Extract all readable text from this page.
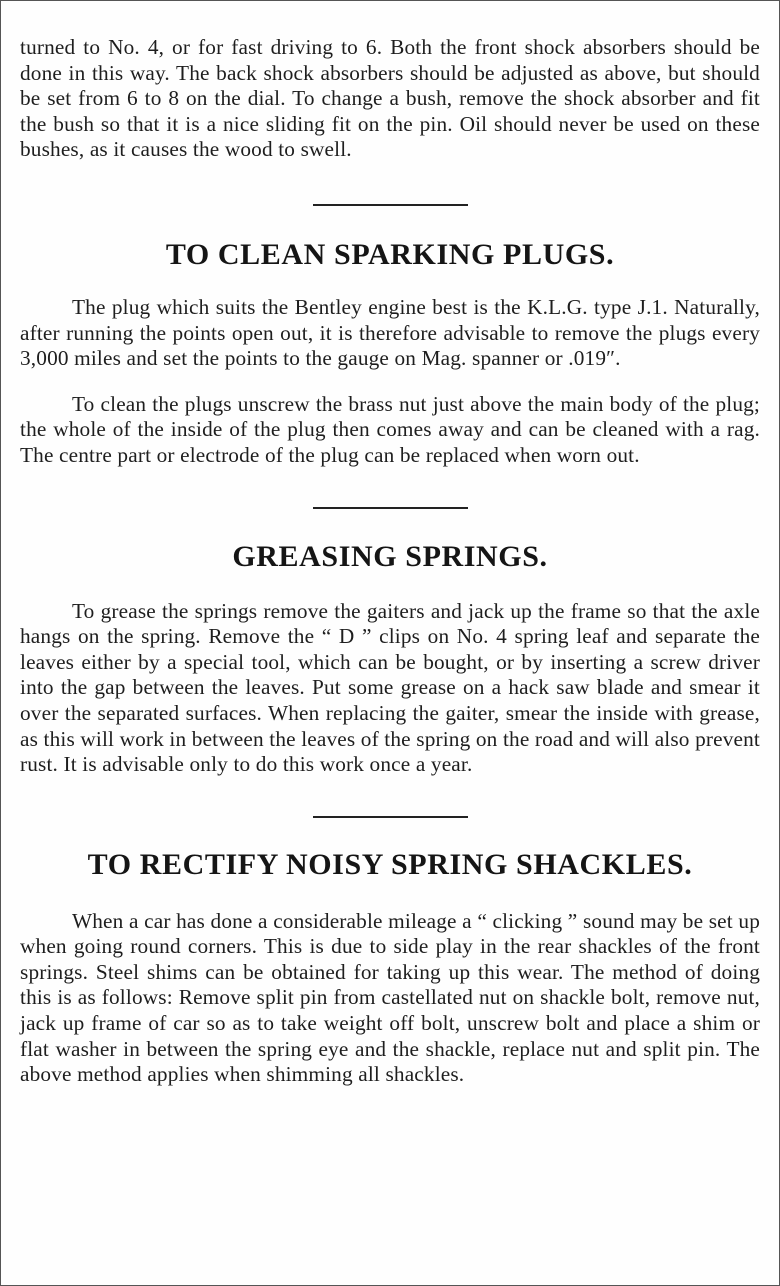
turned to No. 4, or for fast driving to 6. Both the front shock absorbers should be done in this way. The back shock absorbers should be adjusted as above, but should be set from 6 to 8 on the dial. To change a bush, remove the shock absorber and fit the bush so that it is a nice sliding fit on the pin. Oil should never be used on these bushes, as it causes the wood to swell.

TO CLEAN SPARKING PLUGS.

The plug which suits the Bentley engine best is the K.L.G. type J.1. Naturally, after running the points open out, it is therefore advisable to remove the plugs every 3,000 miles and set the points to the gauge on Mag. spanner or .019″.

To clean the plugs unscrew the brass nut just above the main body of the plug; the whole of the inside of the plug then comes away and can be cleaned with a rag. The centre part or electrode of the plug can be replaced when worn out.

GREASING SPRINGS.

To grease the springs remove the gaiters and jack up the frame so that the axle hangs on the spring. Remove the “ D ” clips on No. 4 spring leaf and separate the leaves either by a special tool, which can be bought, or by inserting a screw driver into the gap between the leaves. Put some grease on a hack saw blade and smear it over the separated surfaces. When replacing the gaiter, smear the inside with grease, as this will work in between the leaves of the spring on the road and will also prevent rust. It is advisable only to do this work once a year.

TO RECTIFY NOISY SPRING SHACKLES.

When a car has done a considerable mileage a “ clicking ” sound may be set up when going round corners. This is due to side play in the rear shackles of the front springs. Steel shims can be obtained for taking up this wear. The method of doing this is as follows: Remove split pin from castellated nut on shackle bolt, remove nut, jack up frame of car so as to take weight off bolt, unscrew bolt and place a shim or flat washer in between the spring eye and the shackle, replace nut and split pin. The above method applies when shimming all shackles.
